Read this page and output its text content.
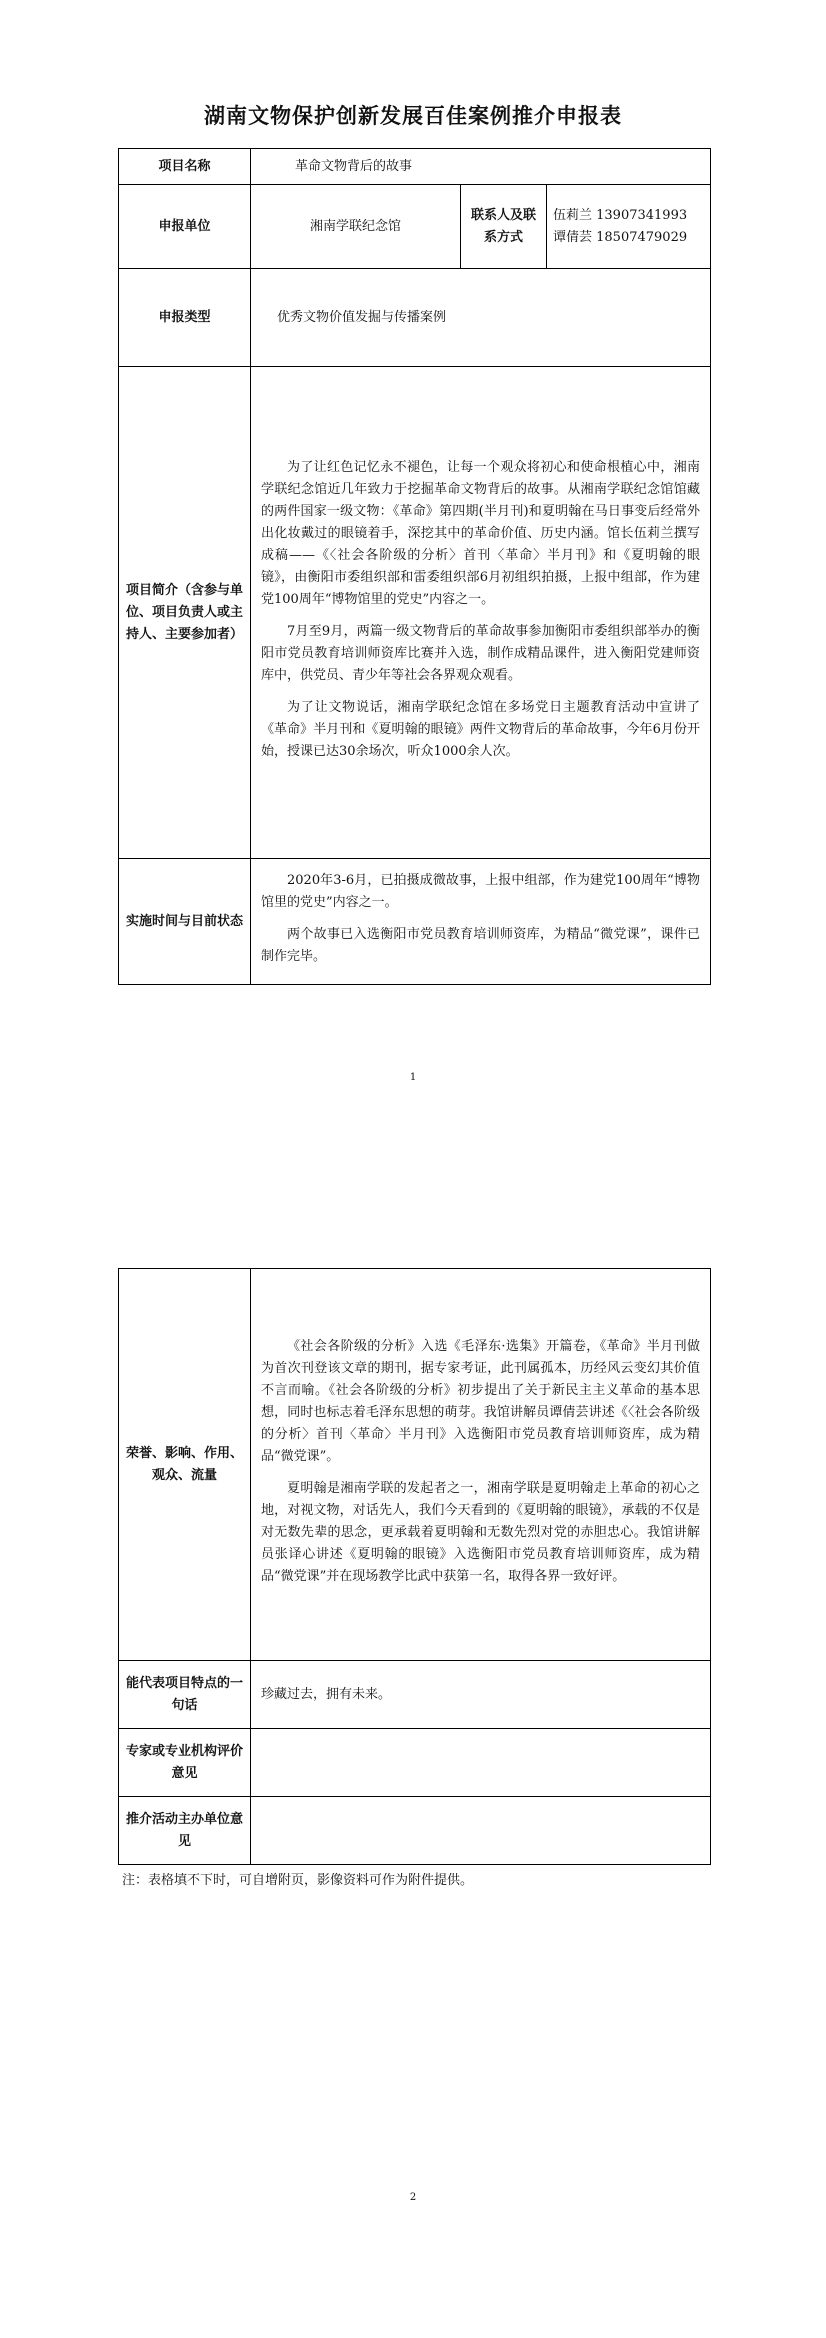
湖南文物保护创新发展百佳案例推介申报表
项目名称	革命文物背后的故事		
申报单位	湘南学联纪念馆	联系人及联系方式	伍莉兰 13907341993
谭倩芸 18507479029

申报类型	优秀文物价值发掘与传播案例		
项目简介（含参与单位、项目负责人或主持人、主要参加者）	为了让红色记忆永不褪色，让每一个观众将初心和使命根植心中，湘南学联纪念馆近几年致力于挖掘革命文物背后的故事。从湘南学联纪念馆馆藏的两件国家一级文物：《革命》第四期(半月刊)和夏明翰在马日事变后经常外出化妆戴过的眼镜着手，深挖其中的革命价值、历史内涵。馆长伍莉兰撰写成稿——《〈社会各阶级的分析〉首刊〈革命〉半月刊》和《夏明翰的眼镜》，由衡阳市委组织部和雷委组织部6月初组织拍摄，上报中组部，作为建党100周年“博物馆里的党史”内容之一。

7月至9月，两篇一级文物背后的革命故事参加衡阳市委组织部举办的衡阳市党员教育培训师资库比赛并入选，制作成精品课件，进入衡阳党建师资库中，供党员、青少年等社会各界观众观看。

为了让文物说话，湘南学联纪念馆在多场党日主题教育活动中宣讲了《革命》半月刊和《夏明翰的眼镜》两件文物背后的革命故事，今年6月份开始，授课已达30余场次，听众1000余人次。		

实施时间与目前状态	2020年3-6月，已拍摄成微故事，上报中组部，作为建党100周年“博物馆里的党史”内容之一。

两个故事已入选衡阳市党员教育培训师资库，为精品“微党课”，课件已制作完毕。		

1
荣誉、影响、作用、观众、流量	《社会各阶级的分析》入选《毛泽东·选集》开篇卷，《革命》半月刊做为首次刊登该文章的期刊，据专家考证，此刊属孤本，历经风云变幻其价值不言而喻。《社会各阶级的分析》初步提出了关于新民主主义革命的基本思想，同时也标志着毛泽东思想的萌芽。我馆讲解员谭倩芸讲述《〈社会各阶级的分析〉首刊〈革命〉半月刊》入选衡阳市党员教育培训师资库，成为精品“微党课”。

夏明翰是湘南学联的发起者之一，湘南学联是夏明翰走上革命的初心之地，对视文物，对话先人，我们今天看到的《夏明翰的眼镜》，承载的不仅是对无数先辈的思念，更承载着夏明翰和无数先烈对党的赤胆忠心。我馆讲解员张译心讲述《夏明翰的眼镜》入选衡阳市党员教育培训师资库，成为精品“微党课”并在现场教学比武中获第一名，取得各界一致好评。

能代表项目特点的一句话	珍藏过去，拥有未来。
专家或专业机构评价意见	
推介活动主办单位意见	
注：表格填不下时，可自增附页，影像资料可作为附件提供。
2
